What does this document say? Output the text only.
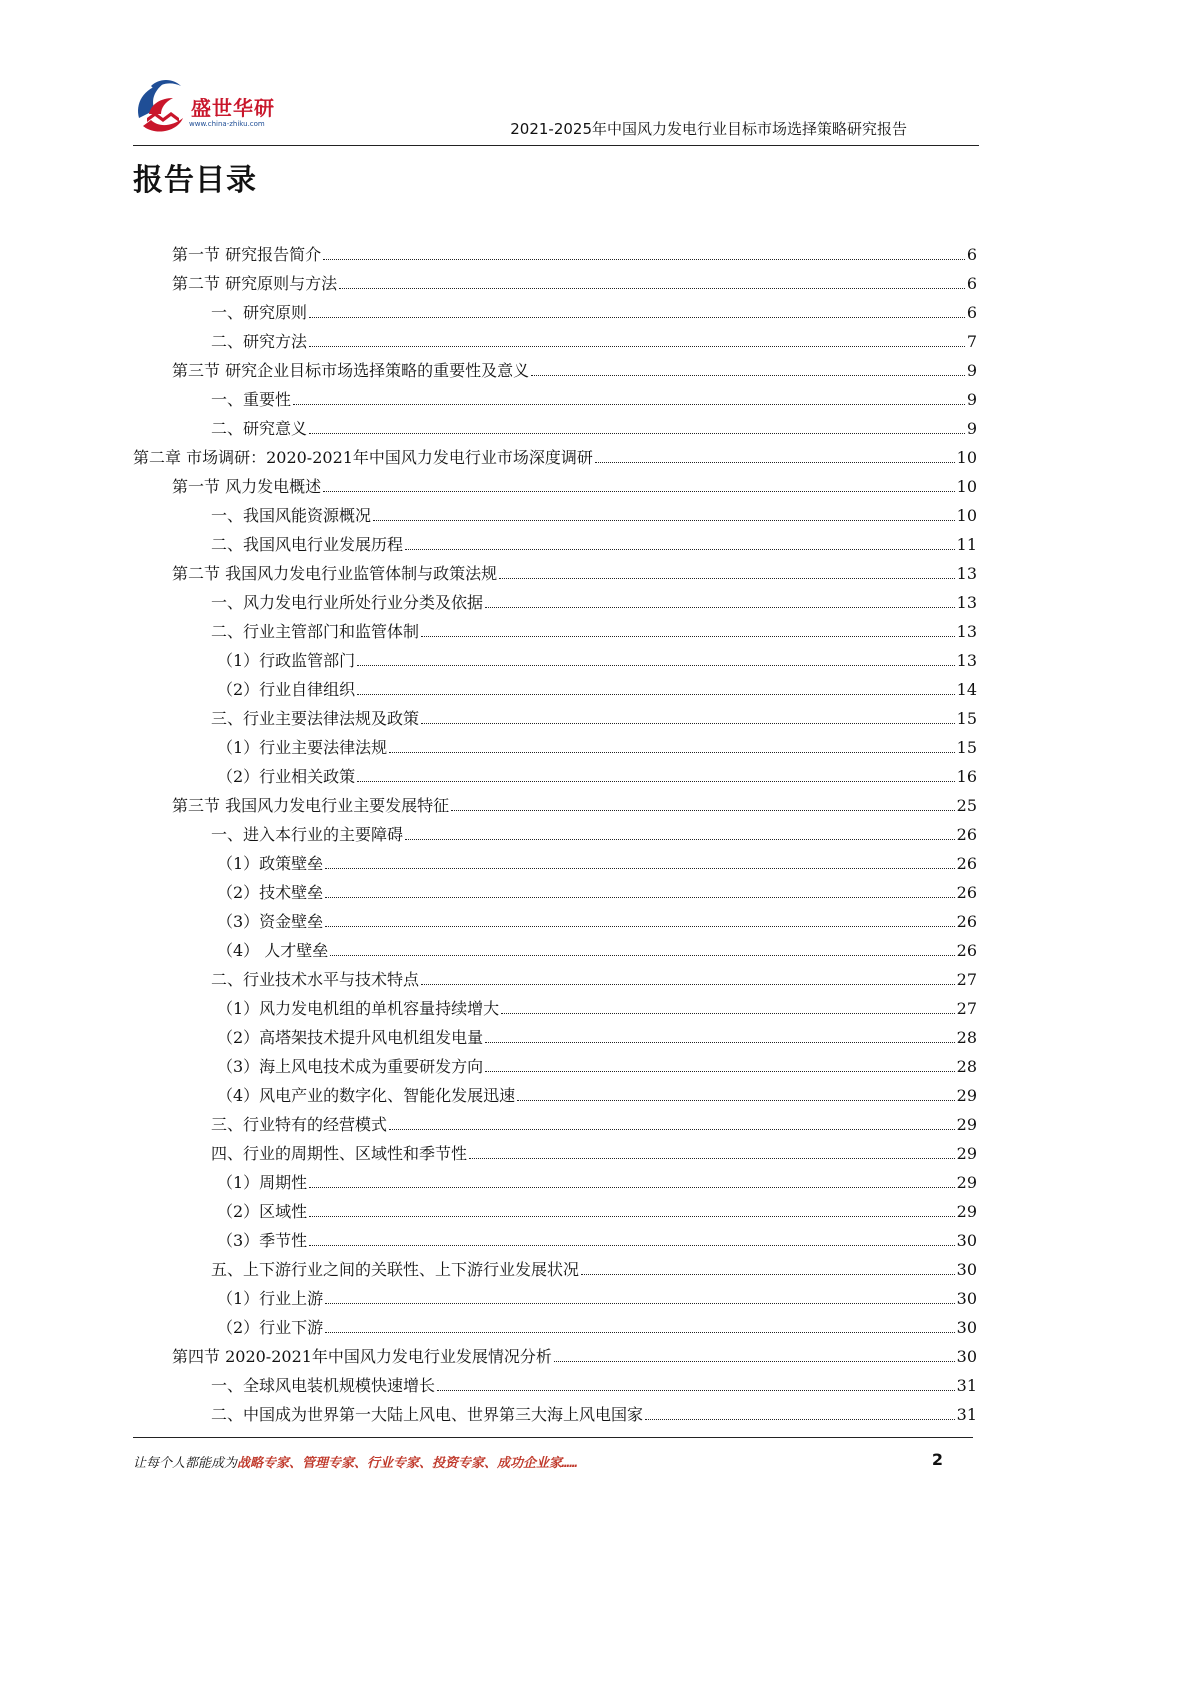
盛世华研
www.china-zhiku.com	2021-2025年中国风力发电行业目标市场选择策略研究报告
报告目录
第一节 研究报告简介	6
第二节 研究原则与方法	6
一、研究原则	6
二、研究方法	7
第三节 研究企业目标市场选择策略的重要性及意义	9
一、重要性	9
二、研究意义	9
第二章 市场调研：2020-2021年中国风力发电行业市场深度调研	10
第一节 风力发电概述	10
一、我国风能资源概况	10
二、我国风电行业发展历程	11
第二节 我国风力发电行业监管体制与政策法规	13
一、风力发电行业所处行业分类及依据	13
二、行业主管部门和监管体制	13
（1）行政监管部门	13
（2）行业自律组织	14
三、行业主要法律法规及政策	15
（1）行业主要法律法规	15
（2）行业相关政策	16
第三节 我国风力发电行业主要发展特征	25
一、进入本行业的主要障碍	26
（1）政策壁垒	26
（2）技术壁垒	26
（3）资金壁垒	26
（4） 人才壁垒	26
二、行业技术水平与技术特点	27
（1）风力发电机组的单机容量持续增大	27
（2）高塔架技术提升风电机组发电量	28
（3）海上风电技术成为重要研发方向	28
（4）风电产业的数字化、智能化发展迅速	29
三、行业特有的经营模式	29
四、行业的周期性、区域性和季节性	29
（1）周期性	29
（2）区域性	29
（3）季节性	30
五、上下游行业之间的关联性、上下游行业发展状况	30
（1）行业上游	30
（2）行业下游	30
第四节 2020-2021年中国风力发电行业发展情况分析	30
一、全球风电装机规模快速增长	31
二、中国成为世界第一大陆上风电、世界第三大海上风电国家	31
让每个人都能成为战略专家、管理专家、行业专家、投资专家、成功企业家……	2
